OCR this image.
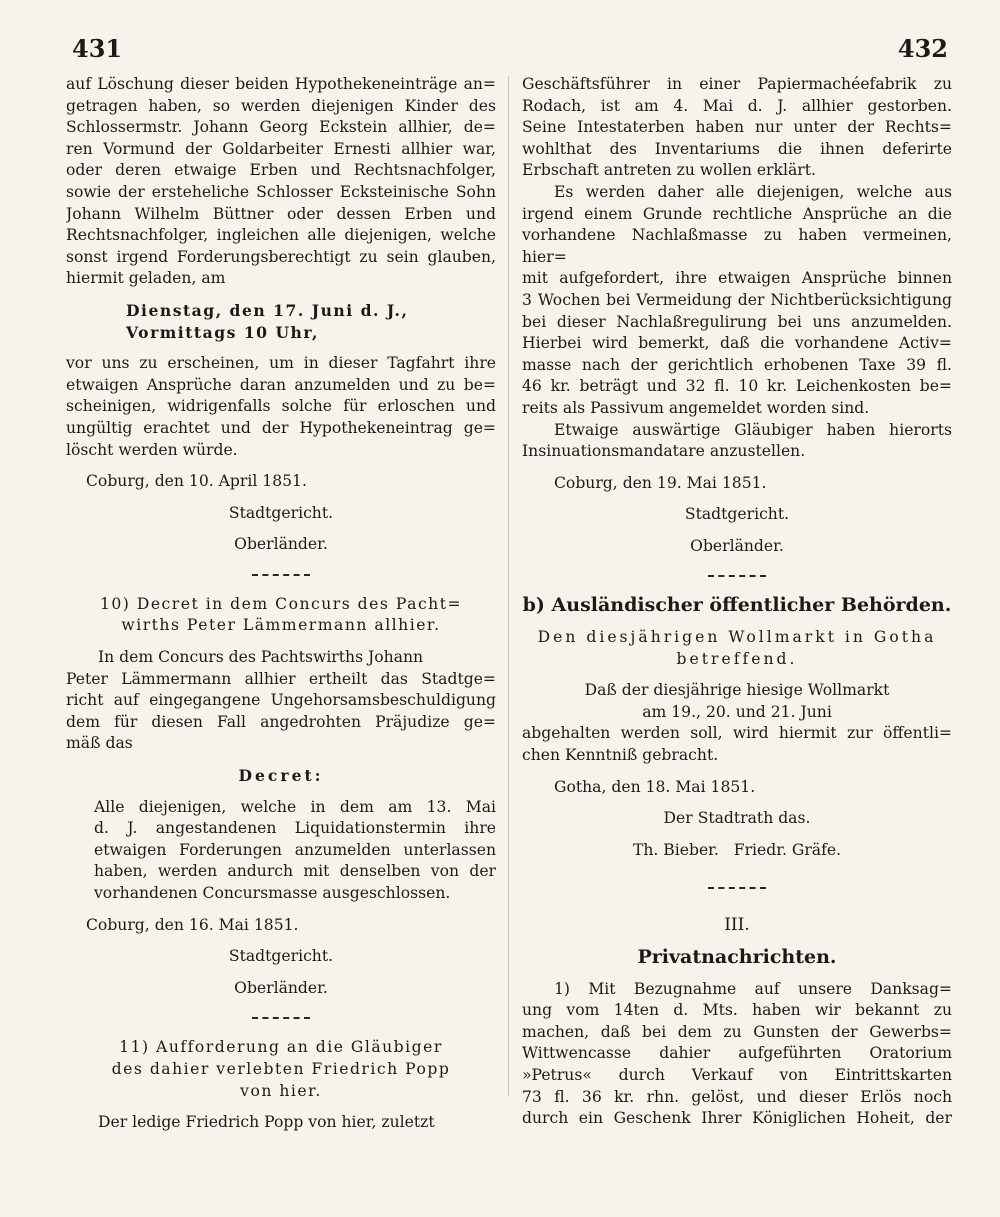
431	432
auf Löschung dieser beiden Hypothekeneinträge an=
getragen haben, so werden diejenigen Kinder des
Schlossermstr. Johann Georg Eckstein allhier, de=
ren Vormund der Goldarbeiter Ernesti allhier war,
oder deren etwaige Erben und Rechtsnachfolger,
sowie der ersteheliche Schlosser Ecksteinische Sohn
Johann Wilhelm Büttner oder dessen Erben und
Rechtsnachfolger, ingleichen alle diejenigen, welche
sonst irgend Forderungsberechtigt zu sein glauben,
hiermit geladen, am
Dienstag, den 17. Juni d. J.,
Vormittags 10 Uhr,
vor uns zu erscheinen, um in dieser Tagfahrt ihre
etwaigen Ansprüche daran anzumelden und zu be=
scheinigen, widrigenfalls solche für erloschen und
ungültig erachtet und der Hypothekeneintrag ge=
löscht werden würde.
Coburg, den 10. April 1851.
Stadtgericht.
Oberländer.
10) Decret in dem Concurs des Pacht=
wirths Peter Lämmermann allhier.
In dem Concurs des Pachtswirths Johann
Peter Lämmermann allhier ertheilt das Stadtge=
richt auf eingegangene Ungehorsamsbeschuldigung
dem für diesen Fall angedrohten Präjudize ge=
mäß das
Decret:
Alle diejenigen, welche in dem am 13. Mai
d. J. angestandenen Liquidationstermin ihre
etwaigen Forderungen anzumelden unterlassen
haben, werden andurch mit denselben von der
vorhandenen Concursmasse ausgeschlossen.
Coburg, den 16. Mai 1851.
Stadtgericht.
Oberländer.
11) Aufforderung an die Gläubiger
des dahier verlebten Friedrich Popp
von hier.
Der ledige Friedrich Popp von hier, zuletzt
Geschäftsführer in einer Papiermachéefabrik zu
Rodach, ist am 4. Mai d. J. allhier gestorben.
Seine Intestaterben haben nur unter der Rechts=
wohlthat des Inventariums die ihnen deferirte
Erbschaft antreten zu wollen erklärt.
Es werden daher alle diejenigen, welche aus
irgend einem Grunde rechtliche Ansprüche an die
vorhandene Nachlaßmasse zu haben vermeinen, hier=
mit aufgefordert, ihre etwaigen Ansprüche binnen
3 Wochen bei Vermeidung der Nichtberücksichtigung
bei dieser Nachlaßregulirung bei uns anzumelden.
Hierbei wird bemerkt, daß die vorhandene Activ=
masse nach der gerichtlich erhobenen Taxe 39 fl.
46 kr. beträgt und 32 fl. 10 kr. Leichenkosten be=
reits als Passivum angemeldet worden sind.
Etwaige auswärtige Gläubiger haben hierorts
Insinuationsmandatare anzustellen.
Coburg, den 19. Mai 1851.
Stadtgericht.
Oberländer.
b) Ausländischer öffentlicher Behörden.
Den diesjährigen Wollmarkt in Gotha
betreffend.
Daß der diesjährige hiesige Wollmarkt
am 19., 20. und 21. Juni
abgehalten werden soll, wird hiermit zur öffentli=
chen Kenntniß gebracht.
Gotha, den 18. Mai 1851.
Der Stadtrath das.
Th. Bieber.   Friedr. Gräfe.
III.
Privatnachrichten.
1) Mit Bezugnahme auf unsere Danksag=
ung vom 14ten d. Mts. haben wir bekannt zu
machen, daß bei dem zu Gunsten der Gewerbs=
Wittwencasse dahier aufgeführten Oratorium
»Petrus« durch Verkauf von Eintrittskarten
73 fl. 36 kr. rhn. gelöst, und dieser Erlös noch
durch ein Geschenk Ihrer Königlichen Hoheit, der
